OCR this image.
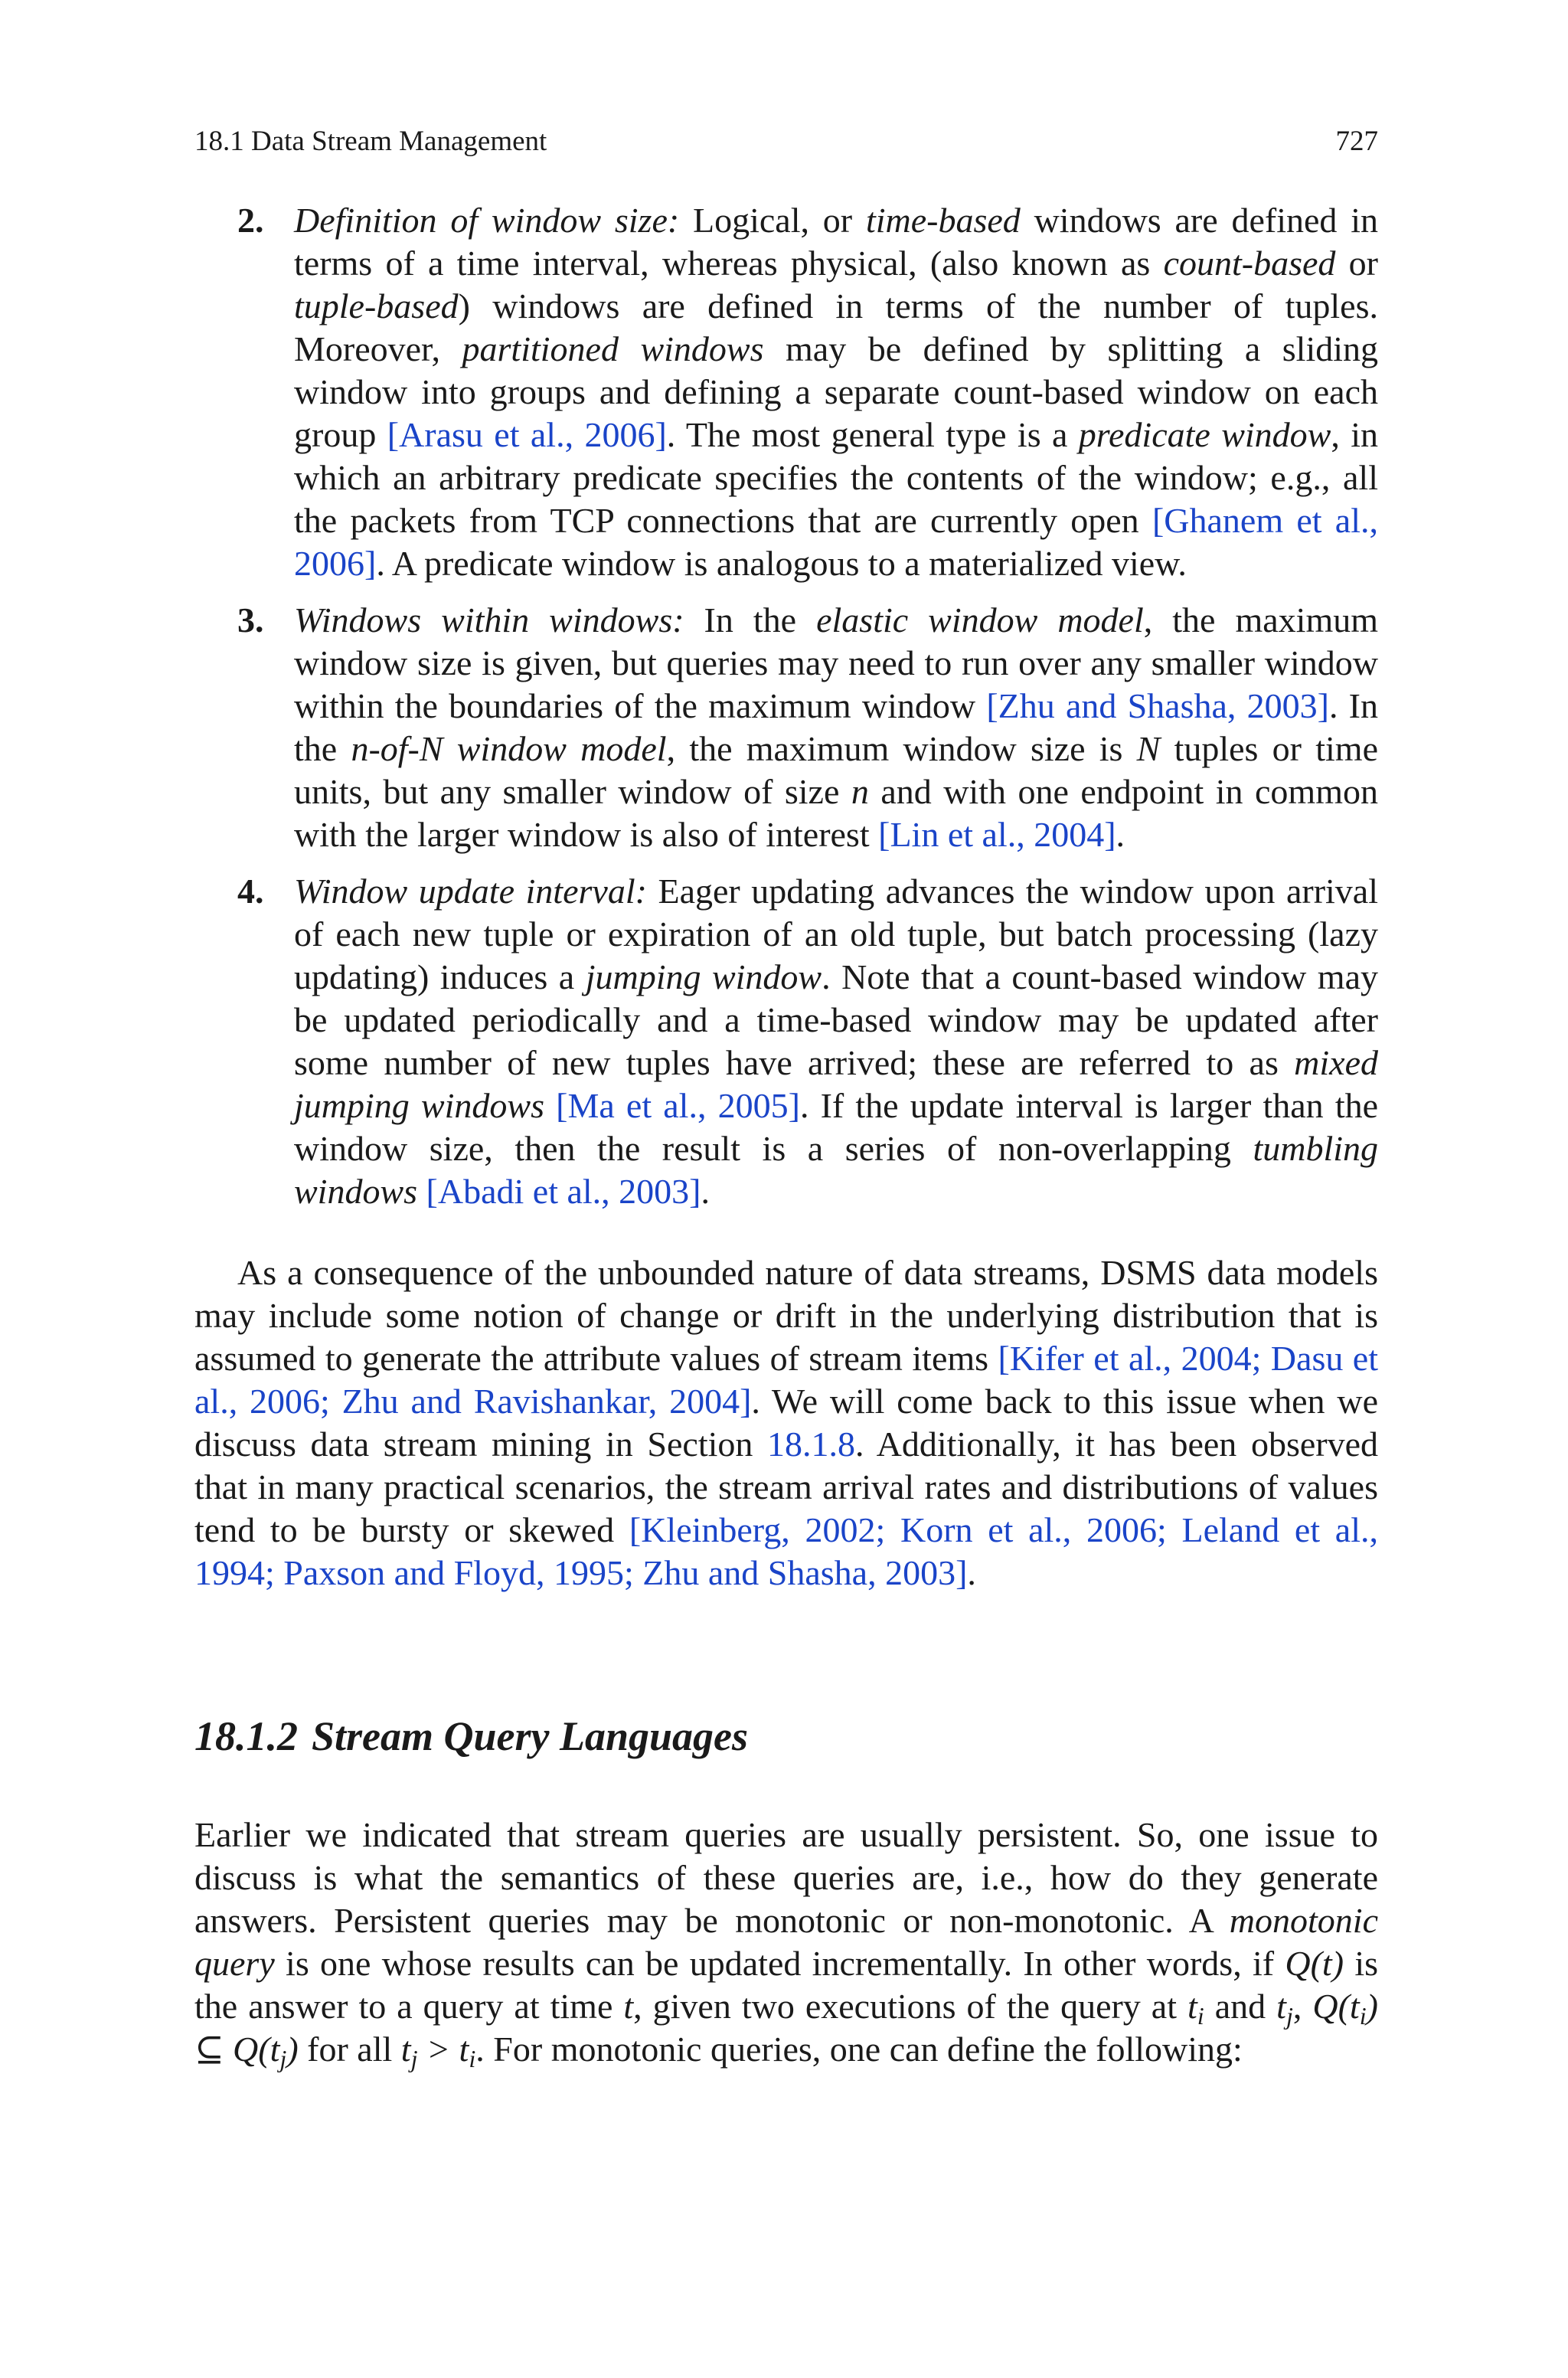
18.1 Data Stream Management	727
2. Definition of window size: Logical, or time-based windows are defined in terms of a time interval, whereas physical, (also known as count-based or tuple-based) windows are defined in terms of the number of tuples. Moreover, partitioned windows may be defined by splitting a sliding window into groups and defining a separate count-based window on each group [Arasu et al., 2006]. The most general type is a predicate window, in which an arbitrary predicate specifies the contents of the window; e.g., all the packets from TCP connections that are currently open [Ghanem et al., 2006]. A predicate window is analogous to a materialized view.

3. Windows within windows: In the elastic window model, the maximum window size is given, but queries may need to run over any smaller window within the boundaries of the maximum window [Zhu and Shasha, 2003]. In the n-of-N window model, the maximum window size is N tuples or time units, but any smaller window of size n and with one endpoint in common with the larger window is also of interest [Lin et al., 2004].

4. Window update interval: Eager updating advances the window upon arrival of each new tuple or expiration of an old tuple, but batch processing (lazy updating) induces a jumping window. Note that a count-based window may be updated periodically and a time-based window may be updated after some number of new tuples have arrived; these are referred to as mixed jumping windows [Ma et al., 2005]. If the update interval is larger than the window size, then the result is a series of non-overlapping tumbling windows [Abadi et al., 2003].

As a consequence of the unbounded nature of data streams, DSMS data models may include some notion of change or drift in the underlying distribution that is assumed to generate the attribute values of stream items [Kifer et al., 2004; Dasu et al., 2006; Zhu and Ravishankar, 2004]. We will come back to this issue when we discuss data stream mining in Section 18.1.8. Additionally, it has been observed that in many practical scenarios, the stream arrival rates and distributions of values tend to be bursty or skewed [Kleinberg, 2002; Korn et al., 2006; Leland et al., 1994; Paxson and Floyd, 1995; Zhu and Shasha, 2003].

18.1.2 Stream Query Languages

Earlier we indicated that stream queries are usually persistent. So, one issue to discuss is what the semantics of these queries are, i.e., how do they generate answers. Persistent queries may be monotonic or non-monotonic. A monotonic query is one whose results can be updated incrementally. In other words, if Q(t) is the answer to a query at time t, given two executions of the query at $t_i$ and $t_j$, $Q(t_i)$ ⊆ $Q(t_j)$ for all $t_j > t_i$. For monotonic queries, one can define the following:
